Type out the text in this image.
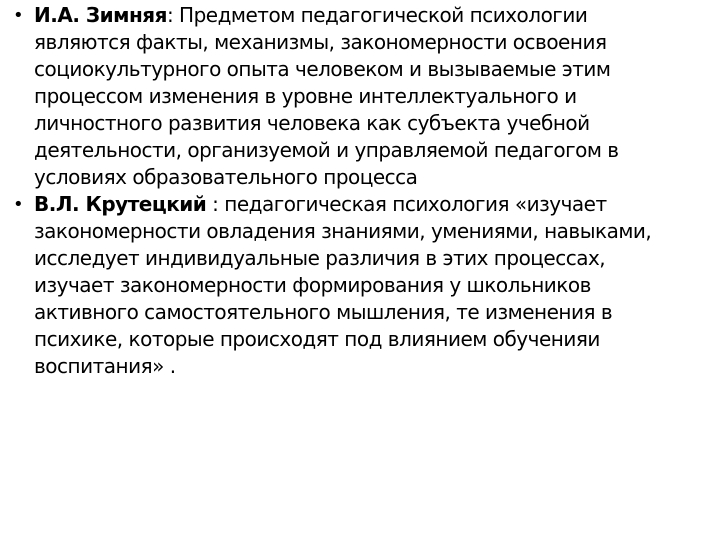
• И.А. Зимняя: Предметом педагогической психологии являются факты, механизмы, закономерности освоения социокультурного опыта человеком и вызываемые этим процессом изменения в уровне интеллектуального и личностного развития человека как субъекта учебной деятельности, организуемой и управляемой педагогом в условиях образовательного процесса
• В.Л. Крутецкий : педагогическая психология «изучает закономерности овладения знаниями, умениями, навыками, исследует индивидуальные различия в этих процессах, изучает закономерности формирования у школьников активного самостоятельного мышления, те изменения в психике, которые происходят под влиянием обученияи воспитания» .
